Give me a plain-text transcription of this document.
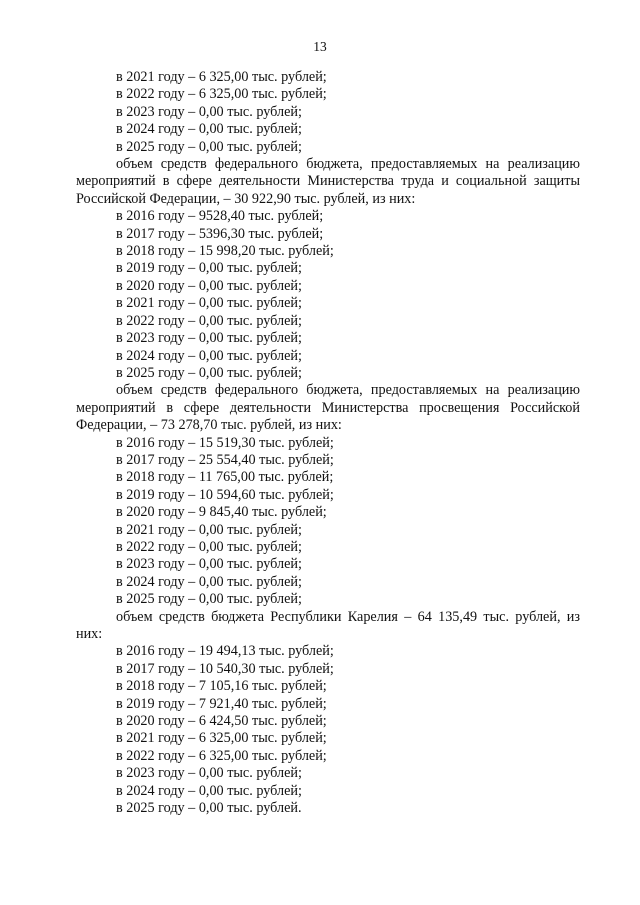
13
в 2021 году – 6 325,00 тыс. рублей;
в 2022 году – 6 325,00 тыс. рублей;
в 2023 году – 0,00 тыс. рублей;
в 2024 году – 0,00 тыс. рублей;
в 2025 году – 0,00 тыс. рублей;
объем средств федерального бюджета, предоставляемых на реализацию мероприятий в сфере деятельности Министерства труда и социальной защиты Российской Федерации, – 30 922,90 тыс. рублей, из них:
в 2016 году – 9528,40 тыс. рублей;
в 2017 году – 5396,30 тыс. рублей;
в 2018 году – 15 998,20 тыс. рублей;
в 2019 году – 0,00 тыс. рублей;
в 2020 году – 0,00 тыс. рублей;
в 2021 году – 0,00 тыс. рублей;
в 2022 году – 0,00 тыс. рублей;
в 2023 году – 0,00 тыс. рублей;
в 2024 году – 0,00 тыс. рублей;
в 2025 году – 0,00 тыс. рублей;
объем средств федерального бюджета, предоставляемых на реализацию мероприятий в сфере деятельности Министерства просвещения Российской Федерации, – 73 278,70 тыс. рублей, из них:
в 2016 году – 15 519,30 тыс. рублей;
в 2017 году – 25 554,40 тыс. рублей;
в 2018 году – 11 765,00 тыс. рублей;
в 2019 году – 10 594,60 тыс. рублей;
в 2020 году – 9 845,40 тыс. рублей;
в 2021 году – 0,00 тыс. рублей;
в 2022 году – 0,00 тыс. рублей;
в 2023 году – 0,00 тыс. рублей;
в 2024 году – 0,00 тыс. рублей;
в 2025 году – 0,00 тыс. рублей;
объем средств бюджета Республики Карелия – 64 135,49 тыс. рублей, из них:
в 2016 году – 19 494,13 тыс. рублей;
в 2017 году – 10 540,30 тыс. рублей;
в 2018 году – 7 105,16 тыс. рублей;
в 2019 году – 7 921,40 тыс. рублей;
в 2020 году – 6 424,50 тыс. рублей;
в 2021 году – 6 325,00 тыс. рублей;
в 2022 году – 6 325,00 тыс. рублей;
в 2023 году – 0,00 тыс. рублей;
в 2024 году – 0,00 тыс. рублей;
в 2025 году – 0,00 тыс. рублей.
